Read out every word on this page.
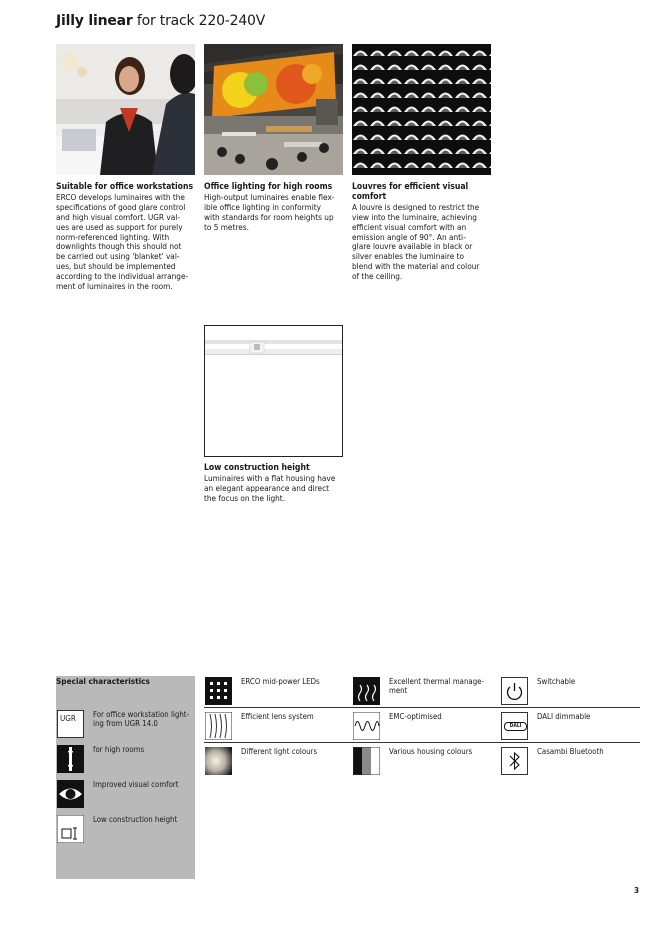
Jilly linear for track 220-240V
Suitable for office workstations
ERCO develops luminaires with the
specifications of good glare control
and high visual comfort. UGR val-
ues are used as support for purely
norm-referenced lighting. With
downlights though this should not
be carried out using 'blanket' val-
ues, but should be implemented
according to the individual arrange-
ment of luminaires in the room.
Office lighting for high rooms
High-output luminaires enable flex-
ible office lighting in conformity
with standards for room heights up
to 5 metres.
Louvres for efficient visual
comfort
A louvre is designed to restrict the
view into the luminaire, achieving
efficient visual comfort with an
emission angle of 90°. An anti-
glare louvre available in black or
silver enables the luminaire to
blend with the material and colour
of the ceiling.
Low construction height
Luminaires with a flat housing have
an elegant appearance and direct
the focus on the light.
Special characteristics
UGR For office workstation light-
ing from UGR 14.0
for high rooms
Improved visual comfort
Low construction height
ERCO mid-power LEDs
Efficient lens system
Different light colours
Excellent thermal manage-
ment
EMC-optimised
Various housing colours
Switchable
DALI
DALI dimmable
Casambi Bluetooth
3
